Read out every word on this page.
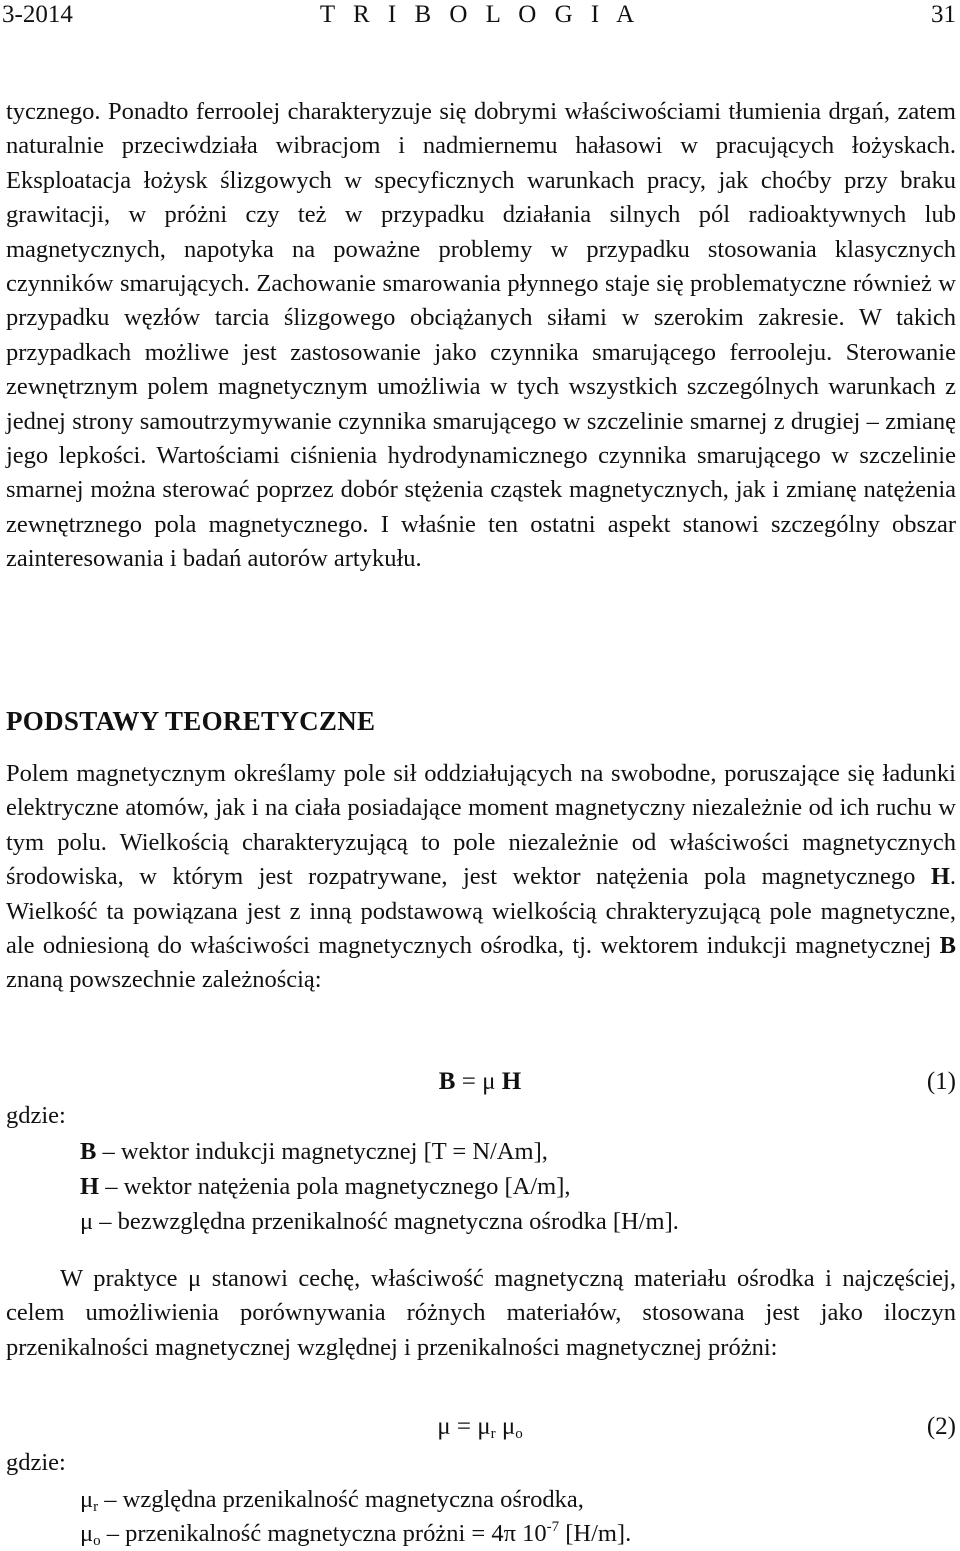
3-2014	T R I B O L O G I A	31

tycznego. Ponadto ferroolej charakteryzuje się dobrymi właściwościami tłumienia drgań, zatem naturalnie przeciwdziała wibracjom i nadmiernemu hałasowi w pracujących łożyskach. Eksploatacja łożysk ślizgowych w specyficznych warunkach pracy, jak choćby przy braku grawitacji, w próżni czy też w przypadku działania silnych pól radioaktywnych lub magnetycznych, napotyka na poważne problemy w przypadku stosowania klasycznych czynników smarujących. Zachowanie smarowania płynnego staje się problematyczne również w przypadku węzłów tarcia ślizgowego obciążanych siłami w szerokim zakresie. W takich przypadkach możliwe jest zastosowanie jako czynnika smarującego ferrooleju. Sterowanie zewnętrznym polem magnetycznym umożliwia w tych wszystkich szczególnych warunkach z jednej strony samoutrzymywanie czynnika smarującego w szczelinie smarnej z drugiej – zmianę jego lepkości. Wartościami ciśnienia hydrodynamicznego czynnika smarującego w szczelinie smarnej można sterować poprzez dobór stężenia cząstek magnetycznych, jak i zmianę natężenia zewnętrznego pola magnetycznego. I właśnie ten ostatni aspekt stanowi szczególny obszar zainteresowania i badań autorów artykułu.

PODSTAWY TEORETYCZNE

Polem magnetycznym określamy pole sił oddziałujących na swobodne, poruszające się ładunki elektryczne atomów, jak i na ciała posiadające moment magnetyczny niezależnie od ich ruchu w tym polu. Wielkością charakteryzującą to pole niezależnie od właściwości magnetycznych środowiska, w którym jest rozpatrywane, jest wektor natężenia pola magnetycznego H. Wielkość ta powiązana jest z inną podstawową wielkością chrakteryzującą pole magnetyczne, ale odniesioną do właściwości magnetycznych ośrodka, tj. wektorem indukcji magnetycznej B znaną powszechnie zależnością:

B = μ H	(1)
gdzie:
B – wektor indukcji magnetycznej [T = N/Am],
H – wektor natężenia pola magnetycznego [A/m],
μ – bezwzględna przenikalność magnetyczna ośrodka [H/m].

W praktyce μ stanowi cechę, właściwość magnetyczną materiału ośrodka i najczęściej, celem umożliwienia porównywania różnych materiałów, stosowana jest jako iloczyn przenikalności magnetycznej względnej i przenikalności magnetycznej próżni:

$\mu = \mu_r$ $\mu_o$	(2)
gdzie:
$\mu_r$ – względna przenikalność magnetyczna ośrodka,
$\mu_o$ – przenikalność magnetyczna próżni = 4π $10^{-7}$ [H/m].
